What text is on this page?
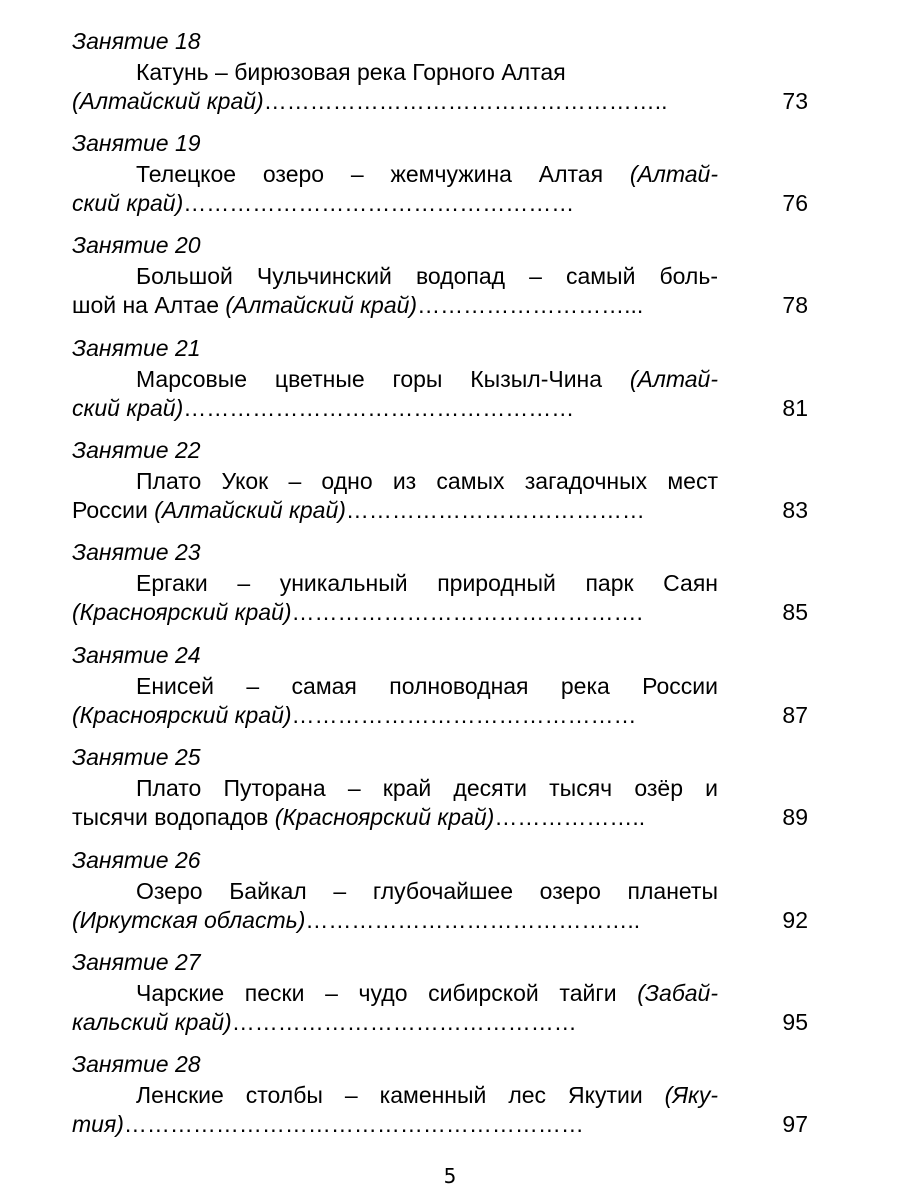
Занятие 18
Катунь – бирюзовая река Горного Алтая
(Алтайский край)……………………………………………..	73
Занятие 19
Телецкое озеро – жемчужина Алтая (Алтай-
ский край)……………………………………………	76
Занятие 20
Большой Чульчинский водопад – самый боль-
шой на Алтае (Алтайский край)………………………...	78
Занятие 21
Марсовые цветные горы Кызыл-Чина (Алтай-
ский край)……………………………………………	81
Занятие 22
Плато Укок – одно из самых загадочных мест
России (Алтайский край)…………………………………	83
Занятие 23
Ергаки – уникальный природный парк Саян
(Красноярский край)……………………………………….	85
Занятие 24
Енисей – самая полноводная река России
(Красноярский край)………………………………………	87
Занятие 25
Плато Путорана – край десяти тысяч озёр и
тысячи водопадов (Красноярский край)………………..	89
Занятие 26
Озеро Байкал – глубочайшее озеро планеты
(Иркутская область)……………………………………..	92
Занятие 27
Чарские пески – чудо сибирской тайги (Забай-
кальский край)………………………………………	95
Занятие 28
Ленские столбы – каменный лес Якутии (Яку-
тия)……………………………………………………	97
5
